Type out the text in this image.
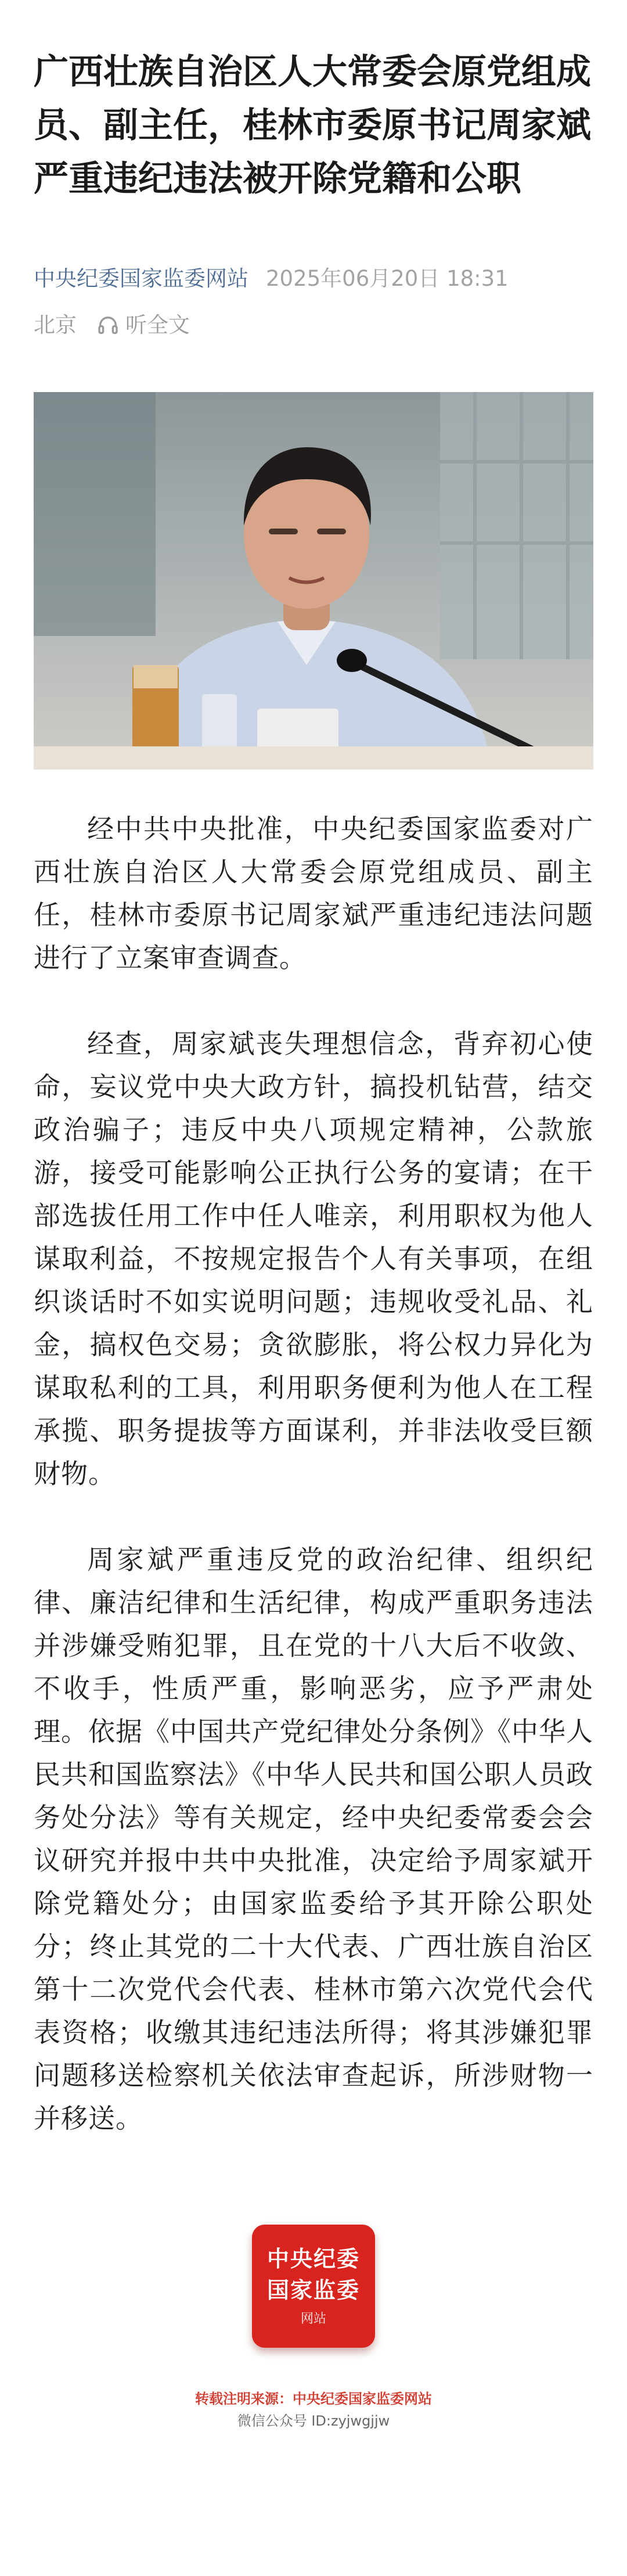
广西壮族自治区人大常委会原党组成员、副主任，桂林市委原书记周家斌严重违纪违法被开除党籍和公职
中央纪委国家监委网站 2025年06月20日 18:31
北京 听全文

经中共中央批准，中央纪委国家监委对广西壮族自治区人大常委会原党组成员、副主任，桂林市委原书记周家斌严重违纪违法问题进行了立案审查调查。

经查，周家斌丧失理想信念，背弃初心使命，妄议党中央大政方针，搞投机钻营，结交政治骗子；违反中央八项规定精神，公款旅游，接受可能影响公正执行公务的宴请；在干部选拔任用工作中任人唯亲，利用职权为他人谋取利益，不按规定报告个人有关事项，在组织谈话时不如实说明问题；违规收受礼品、礼金，搞权色交易；贪欲膨胀，将公权力异化为谋取私利的工具，利用职务便利为他人在工程承揽、职务提拔等方面谋利，并非法收受巨额财物。

周家斌严重违反党的政治纪律、组织纪律、廉洁纪律和生活纪律，构成严重职务违法并涉嫌受贿犯罪，且在党的十八大后不收敛、不收手，性质严重，影响恶劣，应予严肃处理。依据《中国共产党纪律处分条例》《中华人民共和国监察法》《中华人民共和国公职人员政务处分法》等有关规定，经中央纪委常委会会议研究并报中共中央批准，决定给予周家斌开除党籍处分；由国家监委给予其开除公职处分；终止其党的二十大代表、广西壮族自治区第十二次党代会代表、桂林市第六次党代会代表资格；收缴其违纪违法所得；将其涉嫌犯罪问题移送检察机关依法审查起诉，所涉财物一并移送。

中央纪委
国家监委
网站
转载注明来源：中央纪委国家监委网站
微信公众号 ID:zyjwgjjw
